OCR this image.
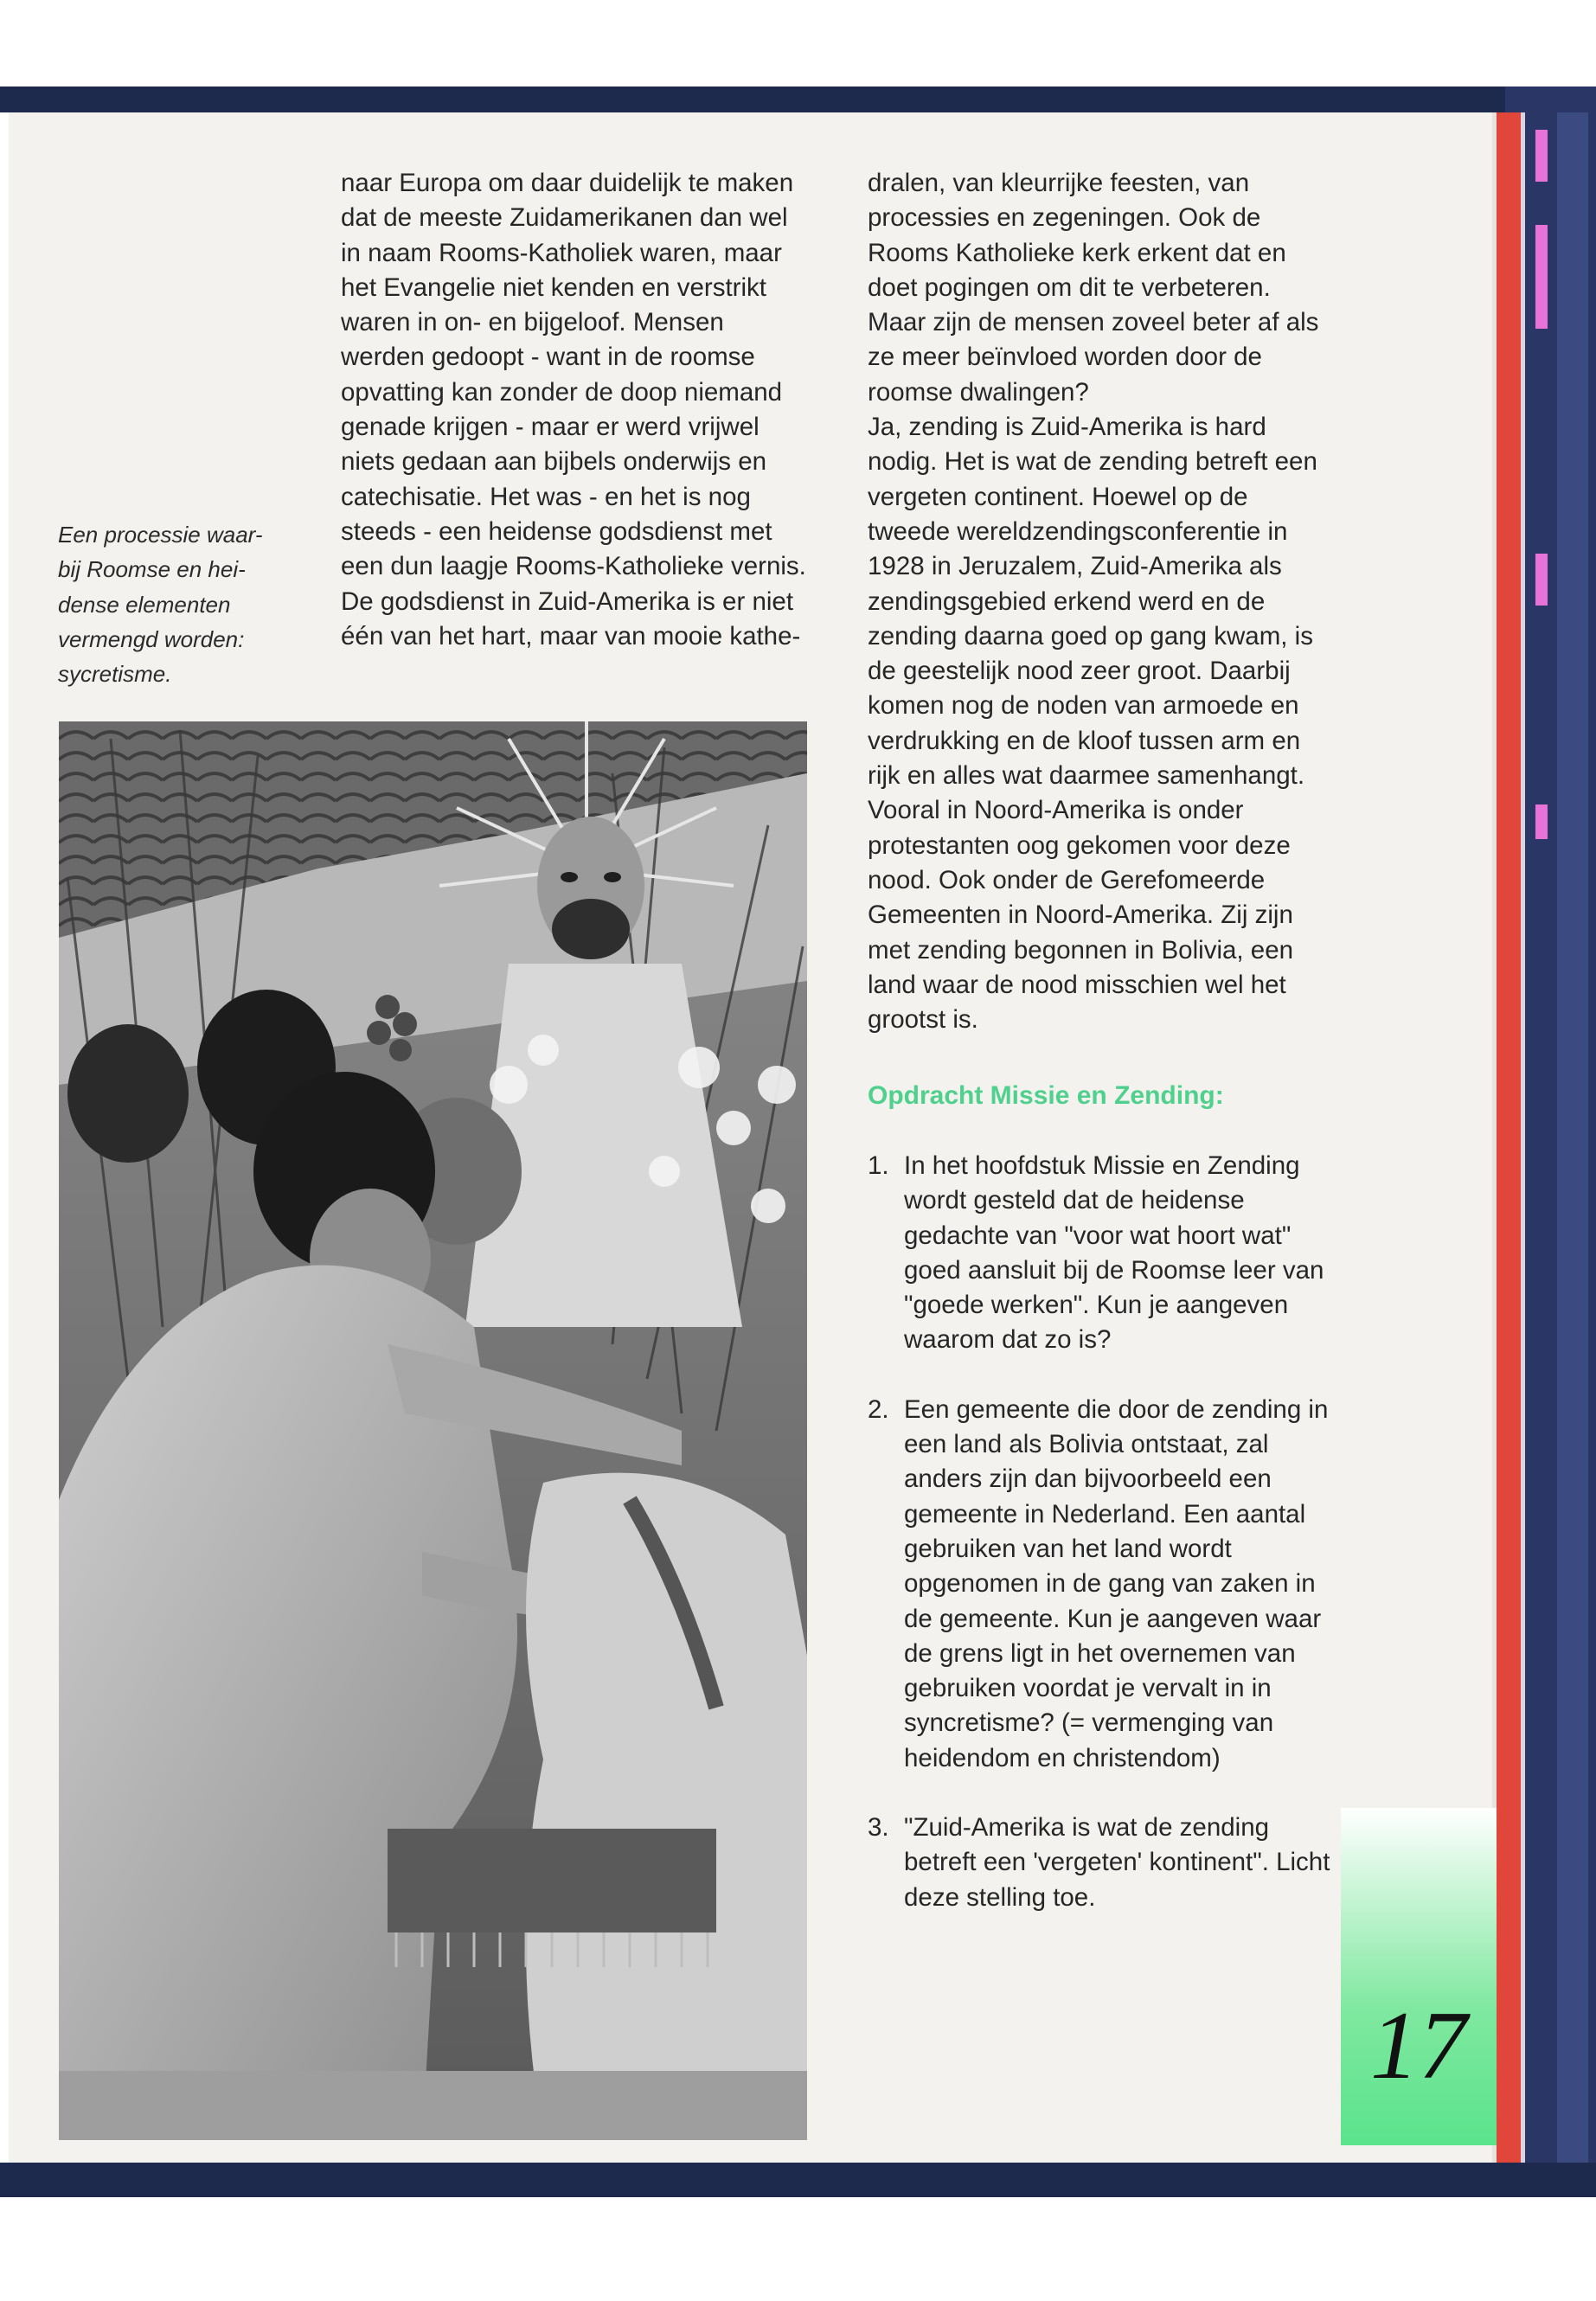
Een processie waar-
bij Roomse en hei-
dense elementen
vermengd worden:
sycretisme.

naar Europa om daar duidelijk te maken dat de meeste Zuidamerikanen dan wel in naam Rooms-Katholiek waren, maar het Evangelie niet kenden en verstrikt waren in on- en bijgeloof. Mensen werden gedoopt - want in de roomse opvatting kan zonder de doop niemand genade krijgen - maar er werd vrijwel niets gedaan aan bijbels onderwijs en catechisatie. Het was - en het is nog steeds - een heidense godsdienst met een dun laagje Rooms-Katholieke vernis.

De godsdienst in Zuid-Amerika is er niet één van het hart, maar van mooie kathe-

dralen, van kleurrijke feesten, van processies en zegeningen. Ook de Rooms Katholieke kerk erkent dat en doet pogingen om dit te verbeteren. Maar zijn de mensen zoveel beter af als ze meer beïnvloed worden door de roomse dwalingen?

Ja, zending is Zuid-Amerika is hard nodig. Het is wat de zending betreft een vergeten continent. Hoewel op de tweede wereldzendingsconferentie in 1928 in Jeruzalem, Zuid-Amerika als zendingsgebied erkend werd en de zending daarna goed op gang kwam, is de geestelijk nood zeer groot. Daarbij komen nog de noden van armoede en verdrukking en de kloof tussen arm en rijk en alles wat daarmee samenhangt. Vooral in Noord-Amerika is onder protestanten oog gekomen voor deze nood. Ook onder de Gerefomeerde Gemeenten in Noord-Amerika. Zij zijn met zending begonnen in Bolivia, een land waar de nood misschien wel het grootst is.

Opdracht Missie en Zending:
1. In het hoofdstuk Missie en Zending wordt gesteld dat de heidense gedachte van "voor wat hoort wat" goed aansluit bij de Roomse leer van "goede werken". Kun je aangeven waarom dat zo is?
2. Een gemeente die door de zending in een land als Bolivia ontstaat, zal anders zijn dan bijvoorbeeld een gemeente in Nederland. Een aantal gebruiken van het land wordt opgenomen in de gang van zaken in de gemeente. Kun je aangeven waar de grens ligt in het overnemen van gebruiken voordat je vervalt in in syncretisme? (= vermenging van heidendom en christendom)
3. "Zuid-Amerika is wat de zending betreft een 'vergeten' kontinent". Licht deze stelling toe.
17
